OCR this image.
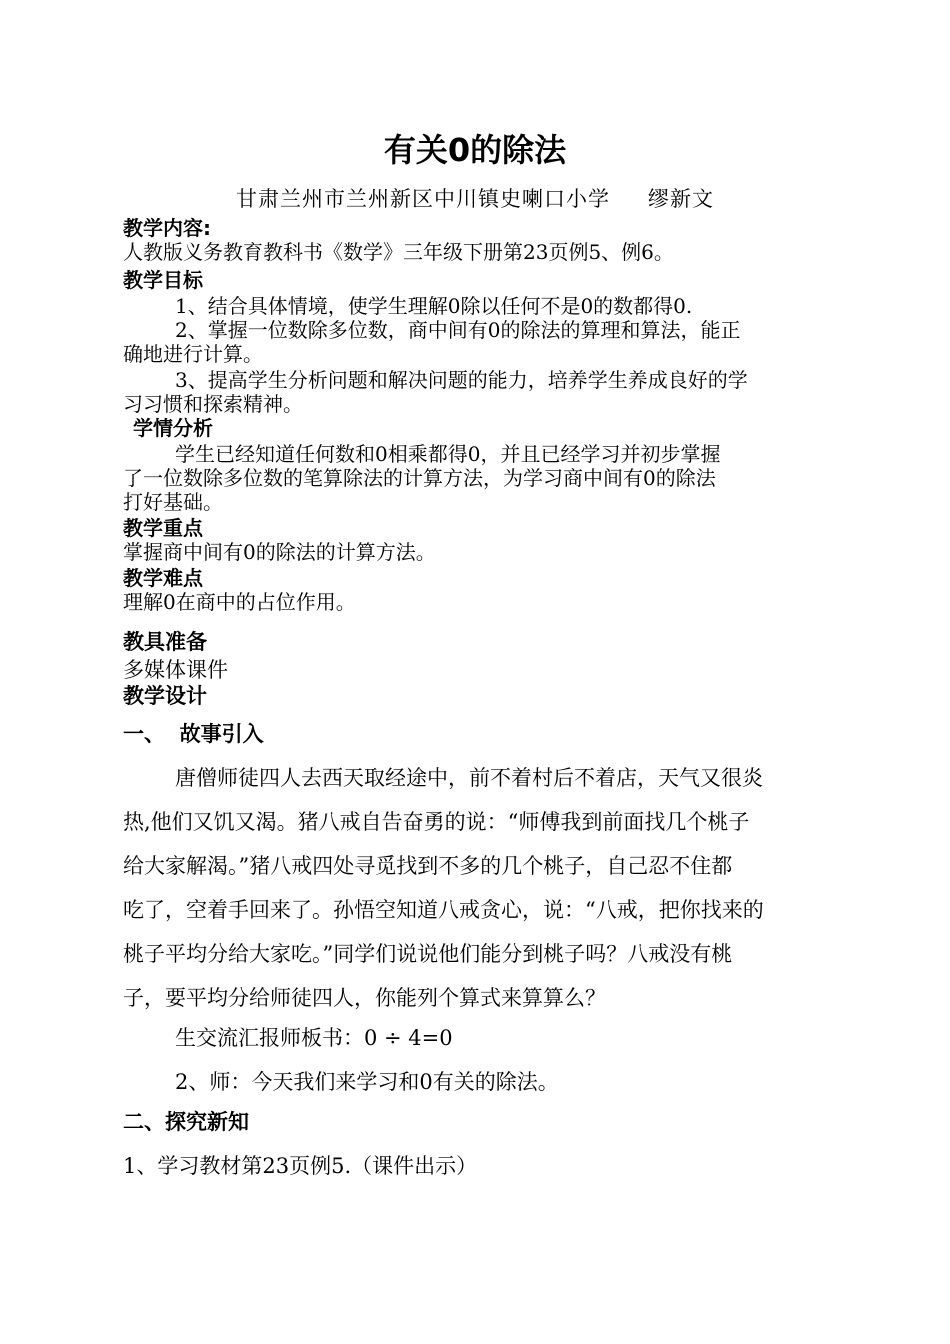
有关0的除法
甘肃兰州市兰州新区中川镇史喇口小学 缪新文
教学内容:
人教版义务教育教科书《数学》三年级下册第23页例5、例6。
教学目标
1、结合具体情境，使学生理解0除以任何不是0的数都得0.
2、掌握一位数除多位数，商中间有0的除法的算理和算法，能正
确地进行计算。
3、提高学生分析问题和解决问题的能力，培养学生养成良好的学
习习惯和探索精神。
学情分析
学生已经知道任何数和0相乘都得0，并且已经学习并初步掌握
了一位数除多位数的笔算除法的计算方法，为学习商中间有0的除法
打好基础。
教学重点
掌握商中间有0的除法的计算方法。
教学难点
理解0在商中的占位作用。
教具准备
多媒体课件
教学设计
一、  故事引入
唐僧师徒四人去西天取经途中，前不着村后不着店，天气又很炎
热,他们又饥又渴。猪八戒自告奋勇的说：“师傅我到前面找几个桃子
给大家解渴。”猪八戒四处寻觅找到不多的几个桃子，自己忍不住都
吃了，空着手回来了。孙悟空知道八戒贪心，说：“八戒，把你找来的
桃子平均分给大家吃。”同学们说说他们能分到桃子吗？八戒没有桃
子，要平均分给师徒四人，你能列个算式来算算么？
生交流汇报师板书：0 ÷ 4=0
2、师：今天我们来学习和0有关的除法。
二、探究新知
1、学习教材第23页例5.（课件出示）
